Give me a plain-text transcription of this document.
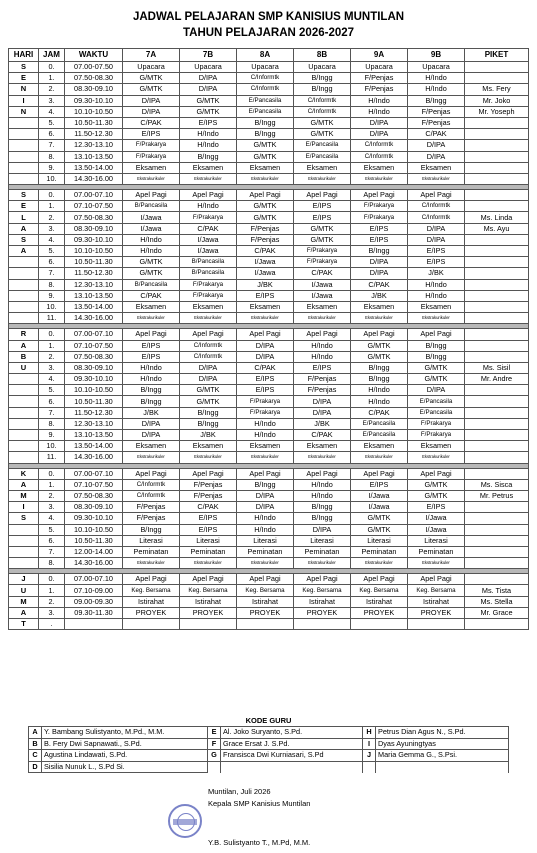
JADWAL PELAJARAN SMP KANISIUS MUNTILAN
TAHUN PELAJARAN 2026-2027
HARI	JAM	WAKTU	7A	7B	8A	8B	9A	9B	PIKET
S	0.	07.00-07.50	Upacara	Upacara	Upacara	Upacara	Upacara	Upacara	
E	1.	07.50-08.30	G/MTK	D/IPA	C/Informtk	B/Ingg	F/Penjas	H/Indo	
N	2.	08.30-09.10	G/MTK	D/IPA	C/Informtk	B/Ingg	F/Penjas	H/Indo	Ms. Fery
I	3.	09.30-10.10	D/IPA	G/MTK	E/Pancasila	C/Informtk	H/Indo	B/Ingg	Mr. Joko
N	4.	10.10-10.50	D/IPA	G/MTK	E/Pancasila	C/Informtk	H/Indo	F/Penjas	Mr. Yoseph
	5.	10.50-11.30	C/PAK	E/IPS	B/Ingg	G/MTK	D/IPA	F/Penjas	
	6.	11.50-12.30	E/IPS	H/Indo	B/Ingg	G/MTK	D/IPA	C/PAK	
	7.	12.30-13.10	F/Prakarya	H/Indo	G/MTK	E/Pancasila	C/Informtk	D/IPA	
	8.	13.10-13.50	F/Prakarya	B/Ingg	G/MTK	E/Pancasila	C/Informtk	D/IPA	
	9.	13.50-14.00	Eksamen	Eksamen	Eksamen	Eksamen	Eksamen	Eksamen	
	10.	14.30-16.00	Ekstrakurikuler	Ekstrakurikuler	Ekstrakurikuler	Ekstrakurikuler	Ekstrakurikuler	Ekstrakurikuler	

S	0.	07.00-07.10	Apel Pagi	Apel Pagi	Apel Pagi	Apel Pagi	Apel Pagi	Apel Pagi	
E	1.	07.10-07.50	B/Pancasila	H/Indo	G/MTK	E/IPS	F/Prakarya	C/Informtk	
L	2.	07.50-08.30	I/Jawa	F/Prakarya	G/MTK	E/IPS	F/Prakarya	C/Informtk	Ms. Linda
A	3.	08.30-09.10	I/Jawa	C/PAK	F/Penjas	G/MTK	E/IPS	D/IPA	Ms. Ayu
S	4.	09.30-10.10	H/Indo	I/Jawa	F/Penjas	G/MTK	E/IPS	D/IPA	
A	5.	10.10-10.50	H/Indo	I/Jawa	C/PAK	F/Prakarya	B/Ingg	E/IPS	
	6.	10.50-11.30	G/MTK	B/Pancasila	I/Jawa	F/Prakarya	D/IPA	E/IPS	
	7.	11.50-12.30	G/MTK	B/Pancasila	I/Jawa	C/PAK	D/IPA	J/BK	
	8.	12.30-13.10	B/Pancasila	F/Prakarya	J/BK	I/Jawa	C/PAK	H/Indo	
	9.	13.10-13.50	C/PAK	F/Prakarya	E/IPS	I/Jawa	J/BK	H/Indo	
	10.	13.50-14.00	Eksamen	Eksamen	Eksamen	Eksamen	Eksamen	Eksamen	
	11.	14.30-16.00	Ekstrakurikuler	Ekstrakurikuler	Ekstrakurikuler	Ekstrakurikuler	Ekstrakurikuler	Ekstrakurikuler	

R	0.	07.00-07.10	Apel Pagi	Apel Pagi	Apel Pagi	Apel Pagi	Apel Pagi	Apel Pagi	
A	1.	07.10-07.50	E/IPS	C/Informtk	D/IPA	H/Indo	G/MTK	B/Ingg	
B	2.	07.50-08.30	E/IPS	C/Informtk	D/IPA	H/Indo	G/MTK	B/Ingg	
U	3.	08.30-09.10	H/Indo	D/IPA	C/PAK	E/IPS	B/Ingg	G/MTK	Ms. Sisil
	4.	09.30-10.10	H/Indo	D/IPA	E/IPS	F/Penjas	B/Ingg	G/MTK	Mr. Andre
	5.	10.10-10.50	B/Ingg	G/MTK	E/IPS	F/Penjas	H/Indo	D/IPA	
	6.	10.50-11.30	B/Ingg	G/MTK	F/Prakarya	D/IPA	H/Indo	E/Pancasila	
	7.	11.50-12.30	J/BK	B/Ingg	F/Prakarya	D/IPA	C/PAK	E/Pancasila	
	8.	12.30-13.10	D/IPA	B/Ingg	H/Indo	J/BK	E/Pancasila	F/Prakarya	
	9.	13.10-13.50	D/IPA	J/BK	H/Indo	C/PAK	E/Pancasila	F/Prakarya	
	10.	13.50-14.00	Eksamen	Eksamen	Eksamen	Eksamen	Eksamen	Eksamen	
	11.	14.30-16.00	Ekstrakurikuler	Ekstrakurikuler	Ekstrakurikuler	Ekstrakurikuler	Ekstrakurikuler	Ekstrakurikuler	

K	0.	07.00-07.10	Apel Pagi	Apel Pagi	Apel Pagi	Apel Pagi	Apel Pagi	Apel Pagi	
A	1.	07.10-07.50	C/Informtk	F/Penjas	B/Ingg	H/Indo	E/IPS	G/MTK	Ms. Sisca
M	2.	07.50-08.30	C/Informtk	F/Penjas	D/IPA	H/Indo	I/Jawa	G/MTK	Mr. Petrus
I	3.	08.30-09.10	F/Penjas	C/PAK	D/IPA	B/Ingg	I/Jawa	E/IPS	
S	4.	09.30-10.10	F/Penjas	E/IPS	H/Indo	B/Ingg	G/MTK	I/Jawa	
	5.	10.10-10.50	B/Ingg	E/IPS	H/Indo	D/IPA	G/MTK	I/Jawa	
	6.	10.50-11.30	Literasi	Literasi	Literasi	Literasi	Literasi	Literasi	
	7.	12.00-14.00	Peminatan	Peminatan	Peminatan	Peminatan	Peminatan	Peminatan	
	8.	14.30-16.00	Ekstrakurikuler	Ekstrakurikuler	Ekstrakurikuler	Ekstrakurikuler	Ekstrakurikuler	Ekstrakurikuler	

J	0.	07.00-07.10	Apel Pagi	Apel Pagi	Apel Pagi	Apel Pagi	Apel Pagi	Apel Pagi	
U	1.	07.10-09.00	Keg. Bersama	Keg. Bersama	Keg. Bersama	Keg. Bersama	Keg. Bersama	Keg. Bersama	Ms. Tista
M	2.	09.00-09.30	Istirahat	Istirahat	Istirahat	Istirahat	Istirahat	Istirahat	Ms. Stella
A	3.	09.30-11.30	PROYEK	PROYEK	PROYEK	PROYEK	PROYEK	PROYEK	Mr. Grace
T	.								
KODE GURU
A	Y. Bambang Sulistyanto, M.Pd., M.M.	E	Al. Joko Suryanto, S.Pd.	H	Petrus Dian Agus N., S.Pd.
B	B. Fery Dwi Sapnawati., S.Pd.	F	Grace Ersat J. S.Pd.	I	Dyas Ayuningtyas
C	Agustina Lindawati, S.Pd.	G	Fransisca Dwi Kurniasari, S.Pd	J	Maria Gemma G., S.Psi.
D	Sisilia Nunuk L., S.Pd Si.				
Muntilan, Juli 2026
Kepala SMP Kanisius Muntilan
Y.B. Sulistyanto T., M.Pd, M.M.
